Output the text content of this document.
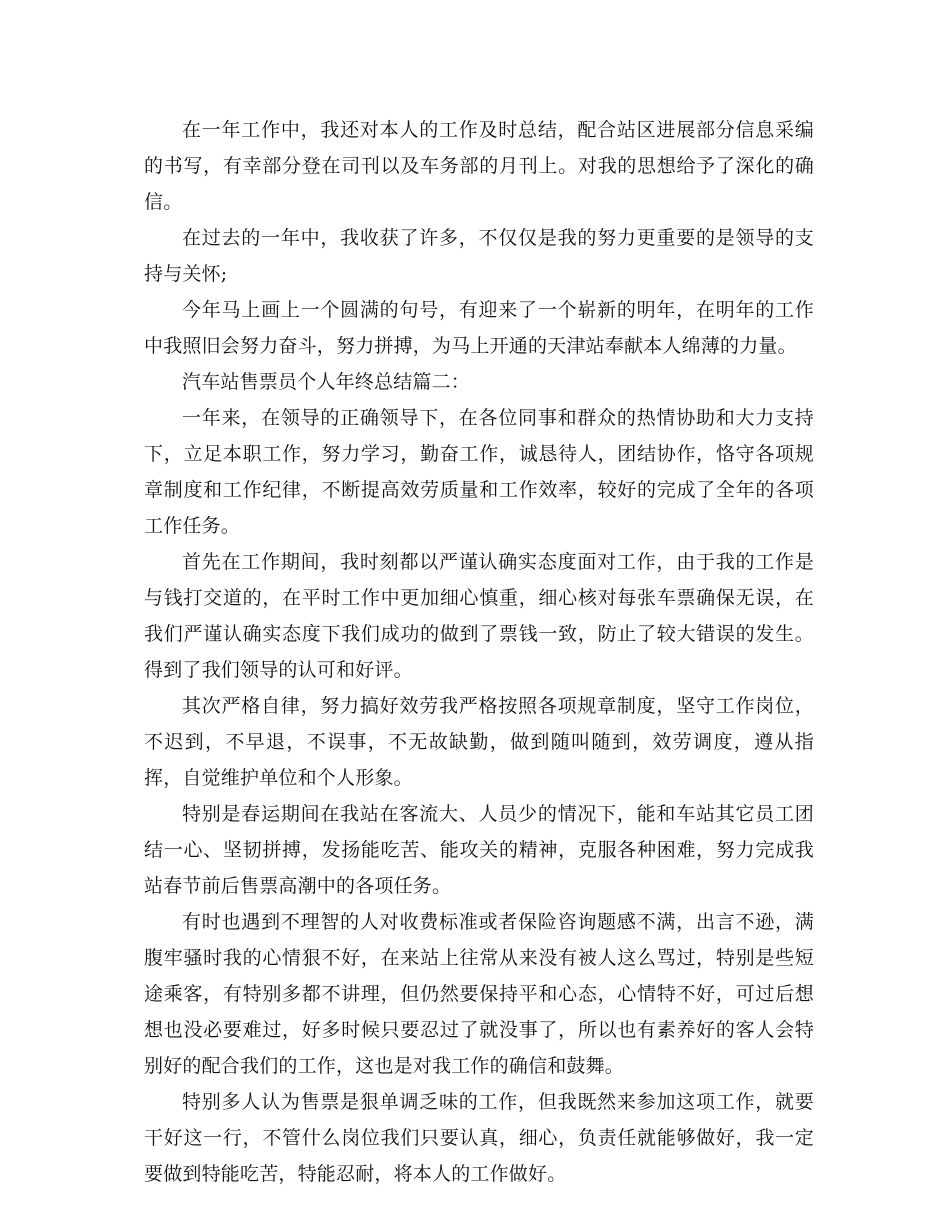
在一年工作中，我还对本人的工作及时总结，配合站区进展部分信息采编的书写，有幸部分登在司刊以及车务部的月刊上。对我的思想给予了深化的确信。

在过去的一年中，我收获了许多，不仅仅是我的努力更重要的是领导的支持与关怀;

今年马上画上一个圆满的句号，有迎来了一个崭新的明年，在明年的工作中我照旧会努力奋斗，努力拼搏，为马上开通的天津站奉献本人绵薄的力量。

汽车站售票员个人年终总结篇二：

一年来，在领导的正确领导下，在各位同事和群众的热情协助和大力支持下，立足本职工作，努力学习，勤奋工作，诚恳待人，团结协作，恪守各项规章制度和工作纪律，不断提高效劳质量和工作效率，较好的完成了全年的各项工作任务。

首先在工作期间，我时刻都以严谨认确实态度面对工作，由于我的工作是与钱打交道的，在平时工作中更加细心慎重，细心核对每张车票确保无误，在我们严谨认确实态度下我们成功的做到了票钱一致，防止了较大错误的发生。得到了我们领导的认可和好评。

其次严格自律，努力搞好效劳我严格按照各项规章制度，坚守工作岗位，不迟到，不早退，不误事，不无故缺勤，做到随叫随到，效劳调度，遵从指挥，自觉维护单位和个人形象。

特别是春运期间在我站在客流大、人员少的情况下，能和车站其它员工团结一心、坚韧拼搏，发扬能吃苦、能攻关的精神，克服各种困难，努力完成我站春节前后售票高潮中的各项任务。

有时也遇到不理智的人对收费标准或者保险咨询题感不满，出言不逊，满腹牢骚时我的心情狠不好，在来站上往常从来没有被人这么骂过，特别是些短途乘客，有特别多都不讲理，但仍然要保持平和心态，心情特不好，可过后想想也没必要难过，好多时候只要忍过了就没事了，所以也有素养好的客人会特别好的配合我们的工作，这也是对我工作的确信和鼓舞。

特别多人认为售票是狠单调乏味的工作，但我既然来参加这项工作，就要干好这一行，不管什么岗位我们只要认真，细心，负责任就能够做好，我一定要做到特能吃苦，特能忍耐，将本人的工作做好。
